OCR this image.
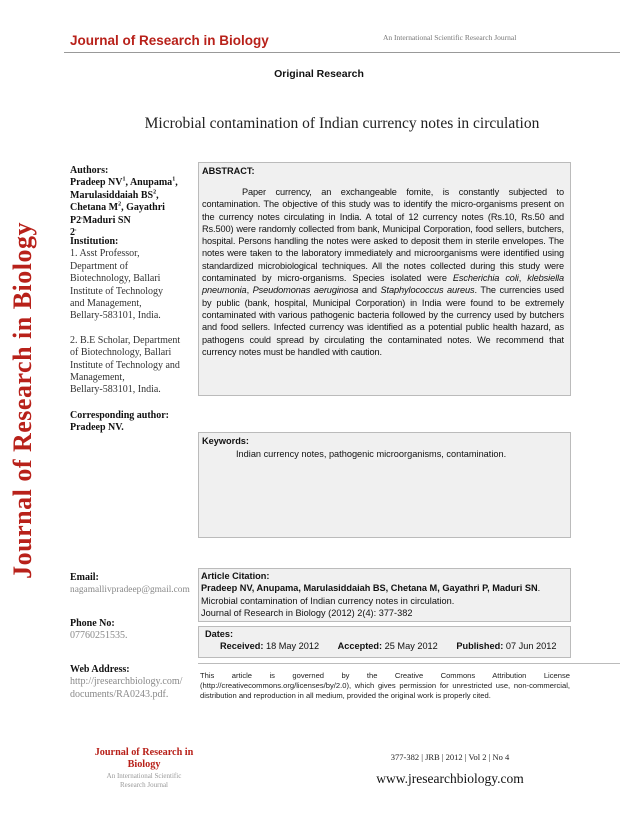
Journal of Research in Biology
Journal of Research in Biology	An International Scientific Research Journal
Original Research
Microbial contamination of Indian currency notes in circulation

Authors:

Pradeep $NV^1$, Anupama$^1$,
Marulasiddaiah $BS^2$,
Chetana $M^2$, Gayathri P2,Maduri SN
2.

Institution:

1. Asst Professor,
Department of
Biotechnology, Ballari
Institute of Technology
and Management,
Bellary-583101, India.

2. B.E Scholar, Department
of Biotechnology, Ballari
Institute of Technology and
Management,
Bellary-583101, India.

Corresponding author:

Pradeep NV.

Email:

nagamallivpradeep@gmail.com

Phone No:

07760251535.

Web Address:

http://jresearchbiology.com/
documents/RA0243.pdf.

ABSTRACT:
Paper currency, an exchangeable fomite, is constantly subjected to contamination. The objective of this study was to identify the micro-organisms present on the currency notes circulating in India. A total of 12 currency notes (Rs.10, Rs.50 and Rs.500) were randomly collected from bank, Municipal Corporation, food sellers, butchers, hospital. Persons handling the notes were asked to deposit them in sterile envelopes. The notes were taken to the laboratory immediately and microorganisms were identified using standardized microbiological techniques. All the notes collected during this study were contaminated by micro-organisms. Species isolated were Escherichia coli, klebsiella pneumonia, Pseudomonas aeruginosa and Staphylococcus aureus. The currencies used by public (bank, hospital, Municipal Corporation) in India were found to be extremely contaminated with various pathogenic bacteria followed by the currency used by butchers and food sellers. Infected currency was identified as a potential public health hazard, as pathogens could spread by circulating the contaminated notes. We recommend that currency notes must be handled with caution.
Keywords:
Indian currency notes, pathogenic microorganisms, contamination.
Article Citation:
Pradeep NV, Anupama, Marulasiddaiah BS, Chetana M, Gayathri P, Maduri SN.
Microbial contamination of Indian currency notes in circulation.
Journal of Research in Biology (2012) 2(4): 377-382
Dates:
Received: 18 May 2012 Accepted: 25 May 2012 Published: 07 Jun 2012
This article is governed by the Creative Commons Attribution License (http://creativecommons.org/licenses/by/2.0), which gives permission for unrestricted use, non-commercial, distribution and reproduction in all medium, provided the original work is properly cited.
Journal of Research in
Biology
An International Scientific
Research Journal
377-382 | JRB | 2012 | Vol 2 | No 4
www.jresearchbiology.com
